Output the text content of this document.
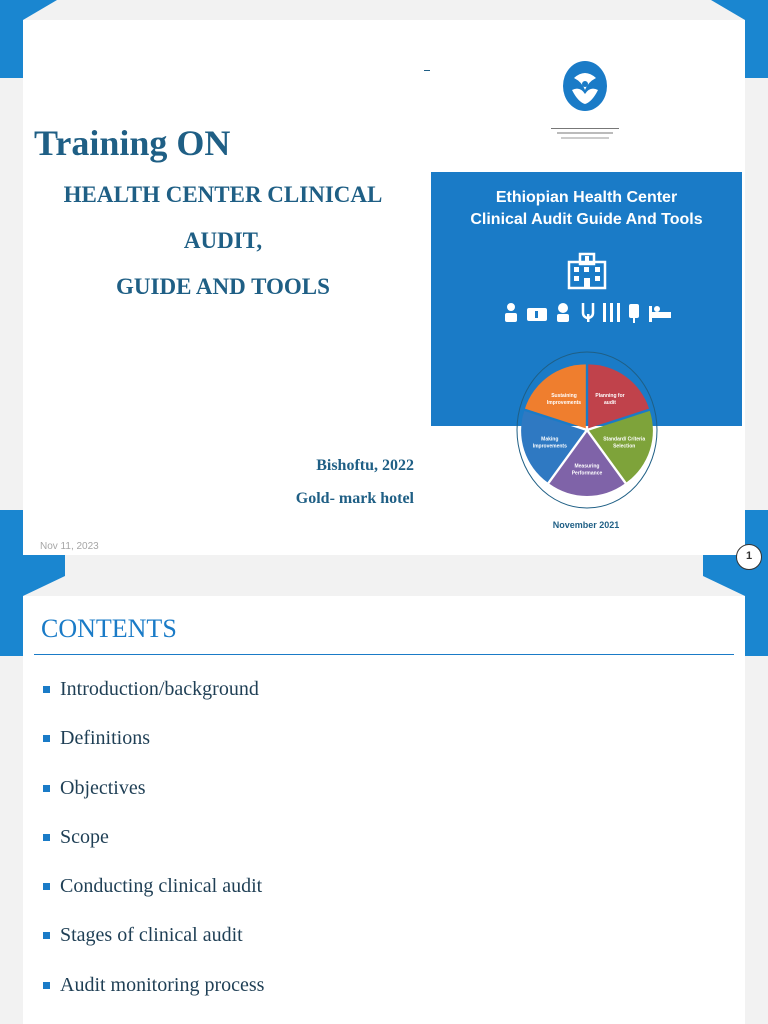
Training ON
HEALTH CENTER CLINICAL
AUDIT,
GUIDE AND TOOLS
Bishoftu, 2022
Gold- mark hotel
Nov 11, 2023
Ethiopian Health Center
Clinical Audit Guide And Tools
Planning for
audit
Standard/ Criteria
Selection
Measuring
Performance
Making
Improvements
Sustaining
Improvements
November 2021
1
CONTENTS
Introduction/background
Definitions
Objectives
Scope
Conducting clinical audit
Stages of clinical audit
Audit monitoring process
